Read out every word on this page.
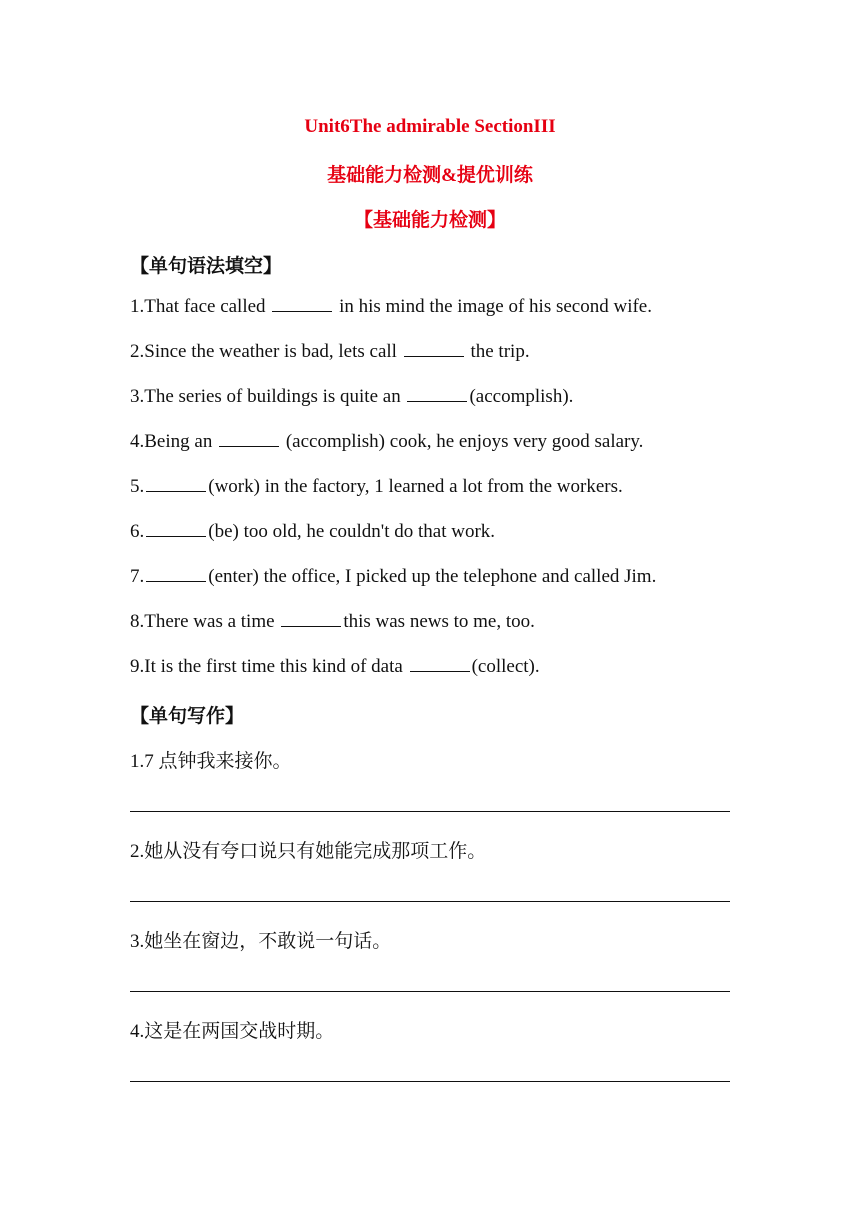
Unit6The admirable SectionIII
基础能力检测&提优训练
【基础能力检测】
【单句语法填空】
1.That face called	in his mind the image of his second wife.
2.Since the weather is bad, lets call	the trip.
3.The series of buildings is quite an	(accomplish).
4.Being an	(accomplish) cook, he enjoys very good salary.
5.	(work) in the factory, 1 learned a lot from the workers.
6.	(be) too old, he couldn't do that work.
7.	(enter) the office, I picked up the telephone and called Jim.
8.There was a time	this was news to me, too.
9.It is the first time this kind of data	(collect).
【单句写作】
1.7 点钟我来接你。
2.她从没有夸口说只有她能完成那项工作。
3.她坐在窗边，不敢说一句话。
4.这是在两国交战时期。
